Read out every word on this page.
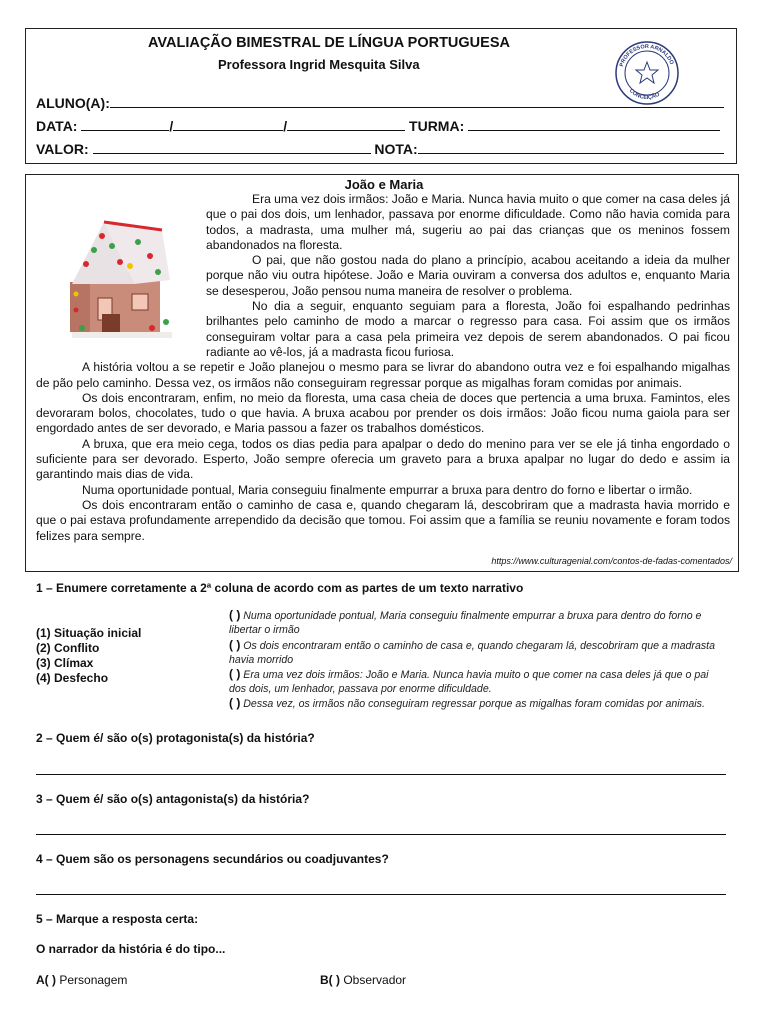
AVALIAÇÃO BIMESTRAL DE LÍNGUA PORTUGUESA
Professora Ingrid Mesquita Silva	PROFESSOR ARNALDO
CONCEIÇÃO
ALUNO(A):
DATA:	/	/	TURMA:
VALOR:	NOTA:
João e Maria

Era uma vez dois irmãos: João e Maria. Nunca havia muito o que comer na casa deles já que o pai dos dois, um lenhador, passava por enorme dificuldade. Como não havia comida para todos, a madrasta, uma mulher má, sugeriu ao pai das crianças que os meninos fossem abandonados na floresta.

O pai, que não gostou nada do plano a princípio, acabou aceitando a ideia da mulher porque não viu outra hipótese. João e Maria ouviram a conversa dos adultos e, enquanto Maria se desesperou, João pensou numa maneira de resolver o problema.

No dia a seguir, enquanto seguiam para a floresta, João foi espalhando pedrinhas brilhantes pelo caminho de modo a marcar o regresso para casa. Foi assim que os irmãos conseguiram voltar para a casa pela primeira vez depois de serem abandonados. O pai ficou radiante ao vê-los, já a madrasta ficou furiosa.

A história voltou a se repetir e João planejou o mesmo para se livrar do abandono outra vez e foi espalhando migalhas de pão pelo caminho. Dessa vez, os irmãos não conseguiram regressar porque as migalhas foram comidas por animais.

Os dois encontraram, enfim, no meio da floresta, uma casa cheia de doces que pertencia a uma bruxa. Famintos, eles devoraram bolos, chocolates, tudo o que havia. A bruxa acabou por prender os dois irmãos: João ficou numa gaiola para ser engordado antes de ser devorado, e Maria passou a fazer os trabalhos domésticos.

A bruxa, que era meio cega, todos os dias pedia para apalpar o dedo do menino para ver se ele já tinha engordado o suficiente para ser devorado. Esperto, João sempre oferecia um graveto para a bruxa apalpar no lugar do dedo e assim ia garantindo mais dias de vida.

Numa oportunidade pontual, Maria conseguiu finalmente empurrar a bruxa para dentro do forno e libertar o irmão.

Os dois encontraram então o caminho de casa e, quando chegaram lá, descobriram que a madrasta havia morrido e que o pai estava profundamente arrependido da decisão que tomou. Foi assim que a família se reuniu novamente e foram todos felizes para sempre.

https://www.culturagenial.com/contos-de-fadas-comentados/
1 – Enumere corretamente a 2ª coluna de acordo com as partes de um texto narrativo
(1) Situação inicial
(2) Conflito
(3) Clímax
(4) Desfecho
( ) Numa oportunidade pontual, Maria conseguiu finalmente empurrar a bruxa para dentro do forno e libertar o irmão
( ) Os dois encontraram então o caminho de casa e, quando chegaram lá, descobriram que a madrasta havia morrido
( ) Era uma vez dois irmãos: João e Maria. Nunca havia muito o que comer na casa deles já que o pai dos dois, um lenhador, passava por enorme dificuldade.
( ) Dessa vez, os irmãos não conseguiram regressar porque as migalhas foram comidas por animais.
2 – Quem é/ são o(s) protagonista(s) da história?
3 – Quem é/ são o(s) antagonista(s) da história?
4 – Quem são os personagens secundários ou coadjuvantes?
5 – Marque a resposta certa:
O narrador da história é do tipo...
A( ) Personagem	B( ) Observador
